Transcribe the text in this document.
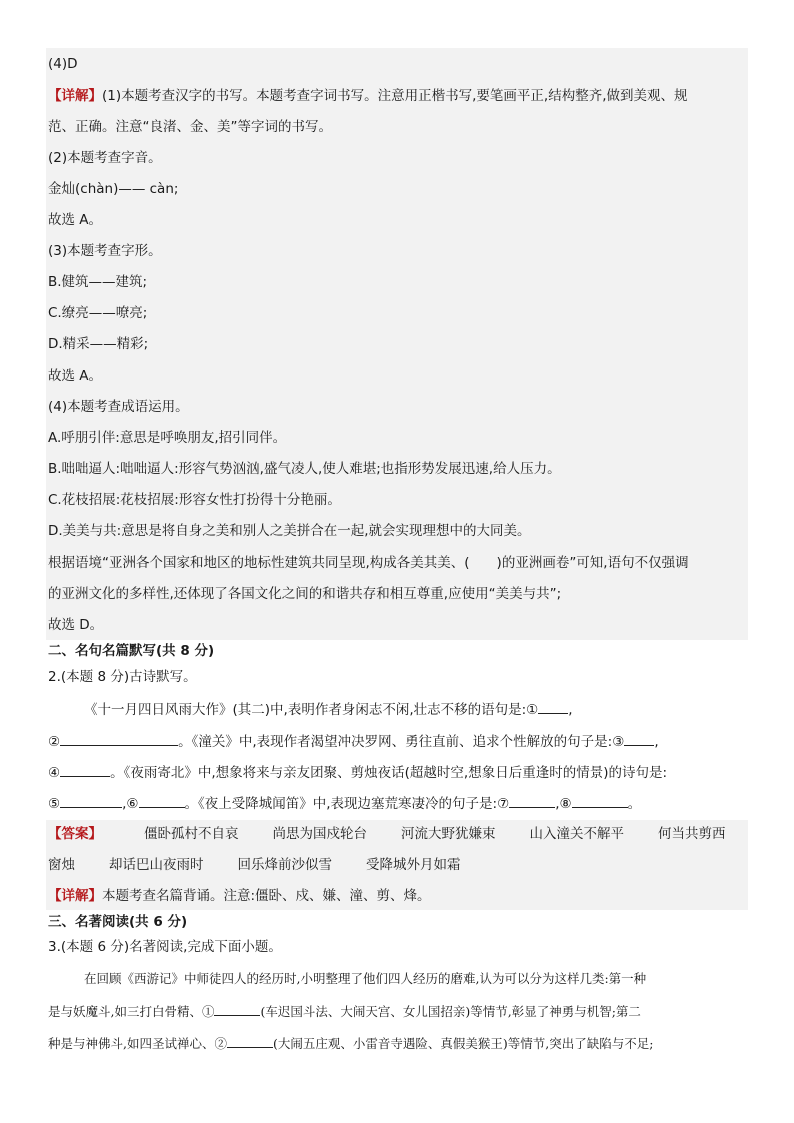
(4)D
【详解】(1)本题考查汉字的书写。本题考查字词书写。注意用正楷书写,要笔画平正,结构整齐,做到美观、规
范、正确。注意“良渚、金、美”等字词的书写。
(2)本题考查字音。
金灿(chàn)—— càn;
故选 A。
(3)本题考查字形。
B.健筑——建筑;
C.缭亮——嘹亮;
D.精采——精彩;
故选 A。
(4)本题考查成语运用。
A.呼朋引伴:意思是呼唤朋友,招引同伴。
B.咄咄逼人:咄咄逼人:形容气势汹汹,盛气凌人,使人难堪;也指形势发展迅速,给人压力。
C.花枝招展:花枝招展:形容女性打扮得十分艳丽。
D.美美与共:意思是将自身之美和别人之美拼合在一起,就会实现理想中的大同美。
根据语境“亚洲各个国家和地区的地标性建筑共同呈现,构成各美其美、(　　)的亚洲画卷”可知,语句不仅强调
的亚洲文化的多样性,还体现了各国文化之间的和谐共存和相互尊重,应使用“美美与共”;
故选 D。
二、名句名篇默写(共 8 分)
2.(本题 8 分)古诗默写。
《十一月四日风雨大作》(其二)中,表明作者身闲志不闲,壮志不移的语句是:① ,
②	。《潼关》中,表现作者渴望冲决罗网、勇往直前、追求个性解放的句子是:③ ,
④	。《夜雨寄北》中,想象将来与亲友团聚、剪烛夜话(超越时空,想象日后重逢时的情景)的诗句是:
⑤	,⑥	。《夜上受降城闻笛》中,表现边塞荒寒凄冷的句子是:⑦	,⑧	。
【答案】	僵卧孤村不自哀	尚思为国戍轮台	河流大野犹嫌束	山入潼关不解平	何当共剪西
窗烛	却话巴山夜雨时	回乐烽前沙似雪	受降城外月如霜
【详解】本题考查名篇背诵。注意:僵卧、戍、嫌、潼、剪、烽。
三、名著阅读(共 6 分)
3.(本题 6 分)名著阅读,完成下面小题。
在回顾《西游记》中师徒四人的经历时,小明整理了他们四人经历的磨难,认为可以分为这样几类:第一种
是与妖魔斗,如三打白骨精、①	(车迟国斗法、大闹天宫、女儿国招亲)等情节,彰显了神勇与机智;第二
种是与神佛斗,如四圣试禅心、②	(大闹五庄观、小雷音寺遇险、真假美猴王)等情节,突出了缺陷与不足;
